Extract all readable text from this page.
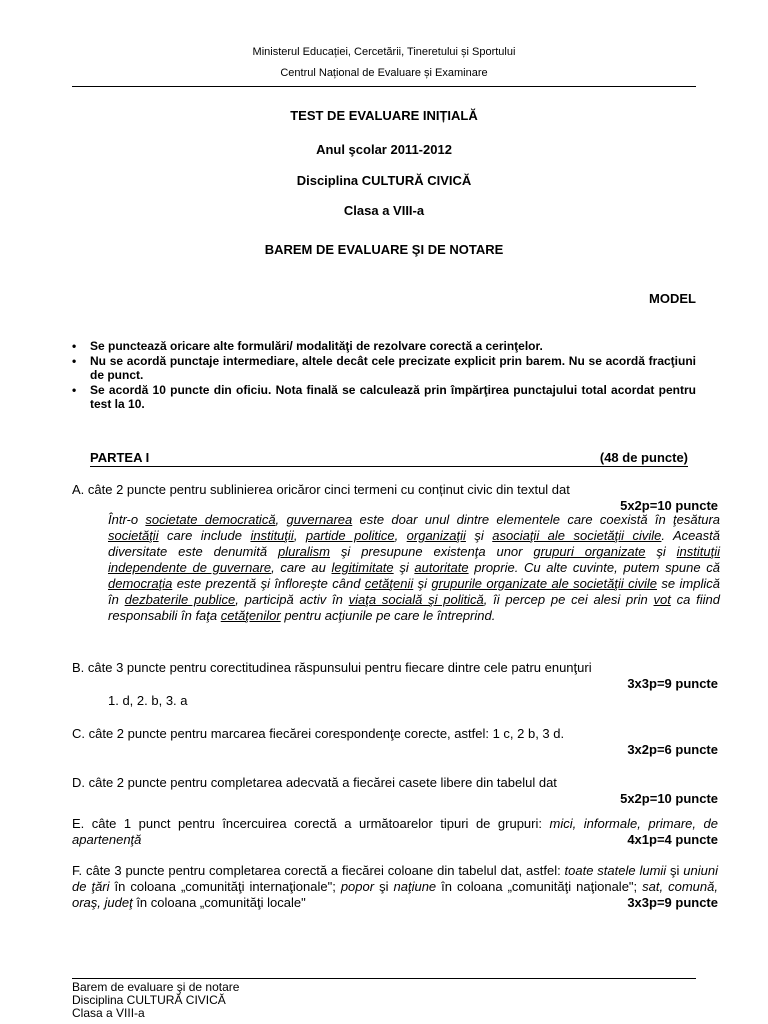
Ministerul Educației, Cercetării, Tineretului și Sportului
Centrul Național de Evaluare și Examinare
TEST DE EVALUARE INIȚIALĂ
Anul şcolar 2011-2012
Disciplina CULTURĂ CIVICĂ
Clasa a VIII-a
BAREM DE EVALUARE ŞI DE NOTARE
MODEL
•	Se punctează oricare alte formulări/ modalităţi de rezolvare corectă a cerinţelor.
•	Nu se acordă punctaje intermediare, altele decât cele precizate explicit prin barem. Nu se acordă fracţiuni de punct.
•	Se acordă 10 puncte din oficiu. Nota finală se calculează prin împărţirea punctajului total acordat pentru test la 10.
PARTEA I	(48 de puncte)
A. câte 2 puncte pentru sublinierea oricăror cinci termeni cu conținut civic din textul dat
5x2p=10 puncte
Într-o societate democratică, guvernarea este doar unul dintre elementele care coexistă în ţesătura societăţii care include instituţii, partide politice, organizaţii şi asociaţii ale societăţii civile. Această diversitate este denumită pluralism şi presupune existenţa unor grupuri organizate şi instituţii independente de guvernare, care au legitimitate şi autoritate proprie. Cu alte cuvinte, putem spune că democraţia este prezentă şi înfloreşte când cetăţenii şi grupurile organizate ale societăţii civile se implică în dezbaterile publice, participă activ în viaţa socială şi politică, îi percep pe cei alesi prin vot ca fiind responsabili în faţa cetăţenilor pentru acţiunile pe care le întreprind.
B. câte 3 puncte pentru corectitudinea răspunsului pentru fiecare dintre cele patru enunţuri
3x3p=9 puncte
1. d, 2. b, 3. a
C. câte 2 puncte pentru marcarea fiecărei corespondenţe corecte, astfel: 1 c, 2 b, 3 d.
3x2p=6 puncte
D. câte 2 puncte pentru completarea adecvată a fiecărei casete libere din tabelul dat
5x2p=10 puncte
E. câte 1 punct pentru încercuirea corectă a următoarelor tipuri de grupuri: mici, informale, primare, de apartenenţă	4x1p=4 puncte
F. câte 3 puncte pentru completarea corectă a fiecărei coloane din tabelul dat, astfel: toate statele lumii şi uniuni de ţări în coloana „comunităţi internaţionale"; popor şi naţiune în coloana „comunităţi naţionale"; sat, comună, oraş, judeţ în coloana „comunităţi locale"	3x3p=9 puncte
Barem de evaluare şi de notare
Disciplina CULTURĂ CIVICĂ
Clasa a VIII-a
